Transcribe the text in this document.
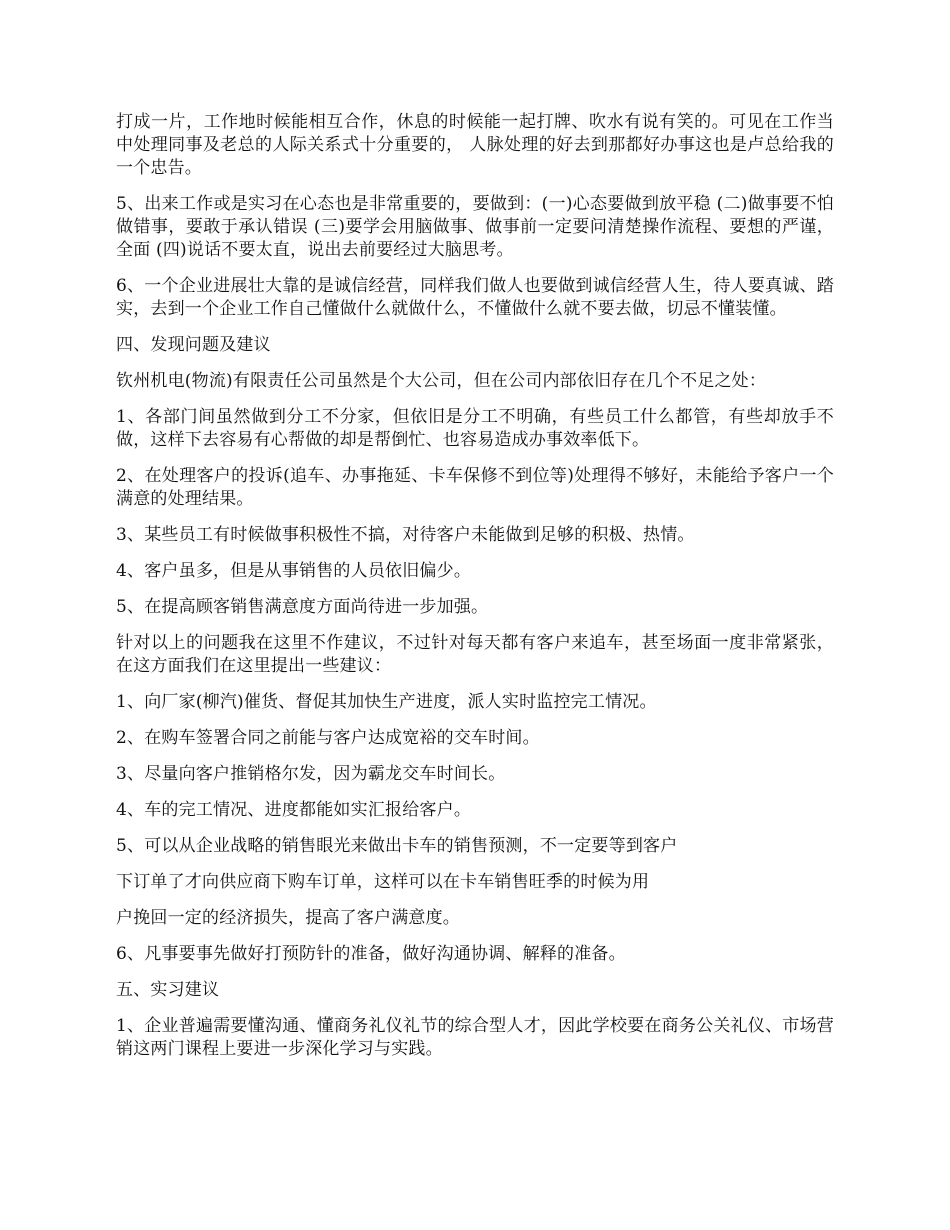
打成一片，工作地时候能相互合作，休息的时候能一起打牌、吹水有说有笑的。可见在工作当中处理同事及老总的人际关系式十分重要的， 人脉处理的好去到那都好办事这也是卢总给我的一个忠告。

5、出来工作或是实习在心态也是非常重要的，要做到：(一)心态要做到放平稳 (二)做事要不怕做错事，要敢于承认错误 (三)要学会用脑做事、做事前一定要问清楚操作流程、要想的严谨，全面 (四)说话不要太直，说出去前要经过大脑思考。

6、一个企业进展壮大靠的是诚信经营，同样我们做人也要做到诚信经营人生，待人要真诚、踏实，去到一个企业工作自己懂做什么就做什么，不懂做什么就不要去做，切忌不懂装懂。

四、发现问题及建议

钦州机电(物流)有限责任公司虽然是个大公司，但在公司内部依旧存在几个不足之处：

1、各部门间虽然做到分工不分家，但依旧是分工不明确，有些员工什么都管，有些却放手不做，这样下去容易有心帮做的却是帮倒忙、也容易造成办事效率低下。

2、在处理客户的投诉(追车、办事拖延、卡车保修不到位等)处理得不够好，未能给予客户一个满意的处理结果。

3、某些员工有时候做事积极性不搞，对待客户未能做到足够的积极、热情。

4、客户虽多，但是从事销售的人员依旧偏少。

5、在提高顾客销售满意度方面尚待进一步加强。

针对以上的问题我在这里不作建议，不过针对每天都有客户来追车，甚至场面一度非常紧张，在这方面我们在这里提出一些建议：

1、向厂家(柳汽)催货、督促其加快生产进度，派人实时监控完工情况。

2、在购车签署合同之前能与客户达成宽裕的交车时间。

3、尽量向客户推销格尔发，因为霸龙交车时间长。

4、车的完工情况、进度都能如实汇报给客户。

5、可以从企业战略的销售眼光来做出卡车的销售预测，不一定要等到客户

下订单了才向供应商下购车订单，这样可以在卡车销售旺季的时候为用

户挽回一定的经济损失，提高了客户满意度。

6、凡事要事先做好打预防针的准备，做好沟通协调、解释的准备。

五、实习建议

1、企业普遍需要懂沟通、懂商务礼仪礼节的综合型人才，因此学校要在商务公关礼仪、市场营销这两门课程上要进一步深化学习与实践。
